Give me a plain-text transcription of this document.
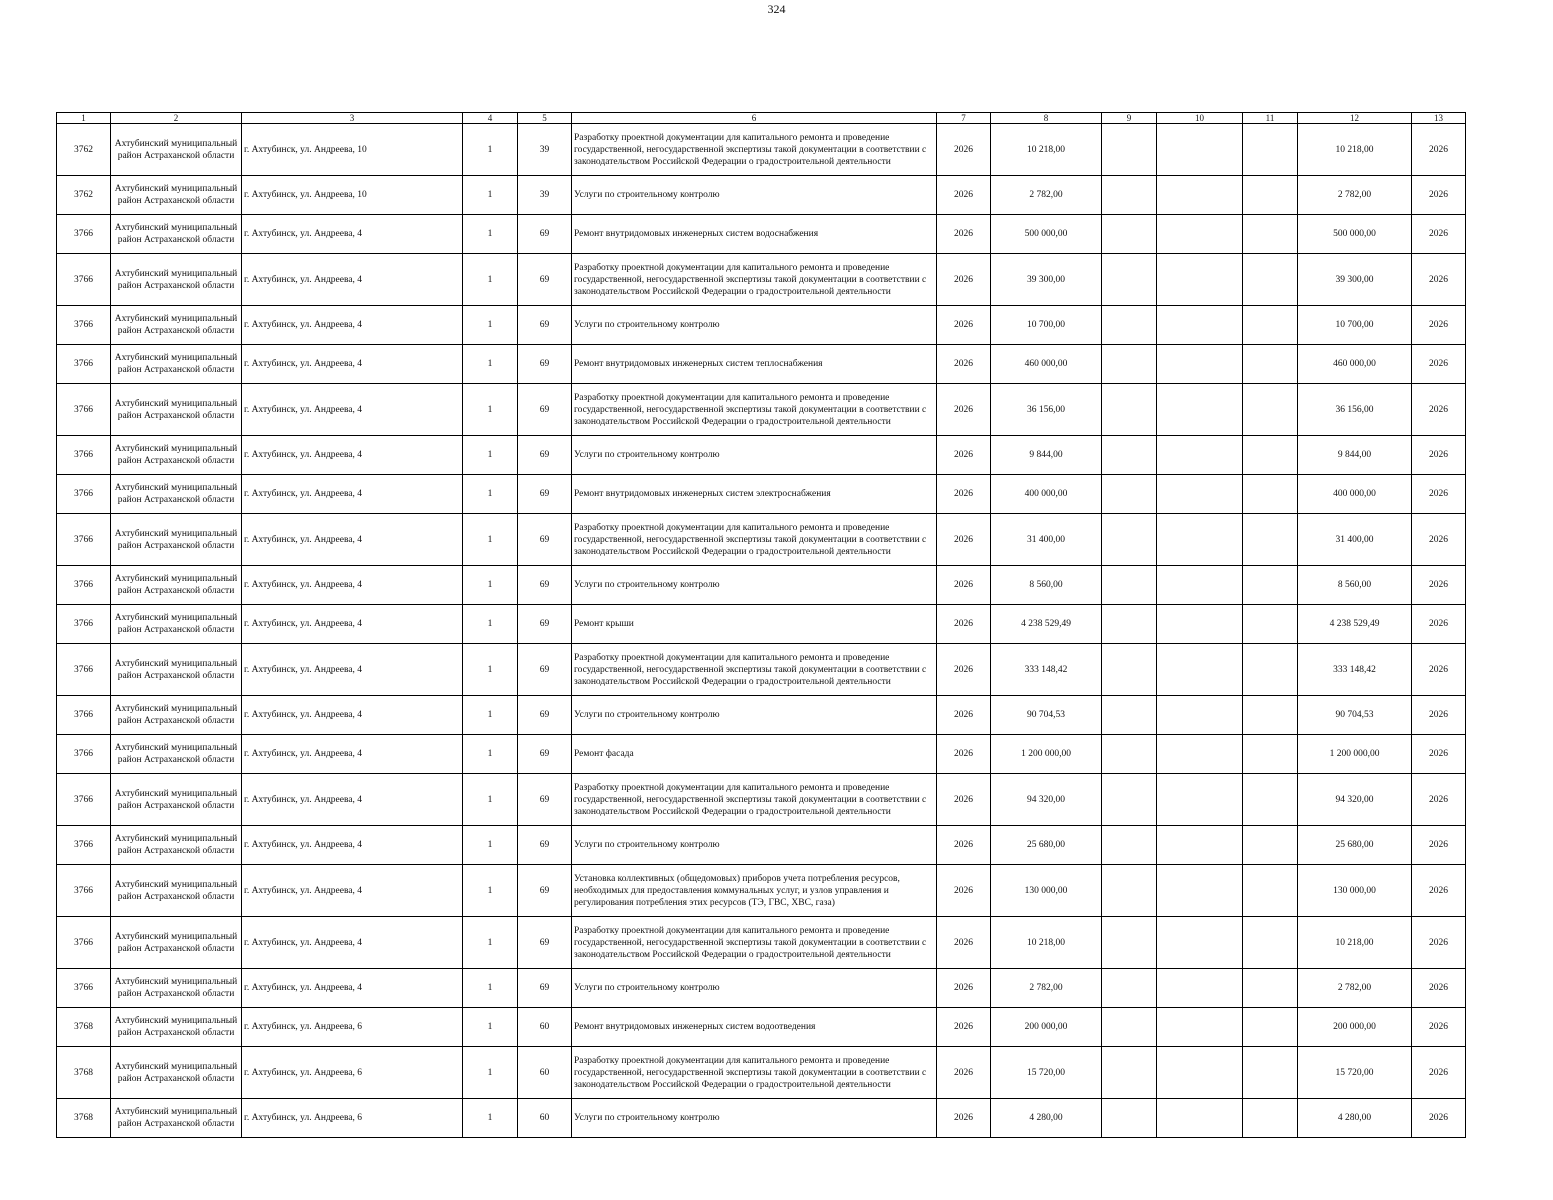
324
1	2	3	4	5	6	7	8	9	10	11	12	13
3762	Ахтубинский муниципальный район Астраханской области	г. Ахтубинск, ул. Андреева, 10	1	39	Разработку проектной документации для капитального ремонта и проведение государственной, негосударственной экспертизы такой документации в соответствии с законодательством Российской Федерации о градостроительной деятельности	2026	10 218,00				10 218,00	2026
3762	Ахтубинский муниципальный район Астраханской области	г. Ахтубинск, ул. Андреева, 10	1	39	Услуги по строительному контролю	2026	2 782,00				2 782,00	2026
3766	Ахтубинский муниципальный район Астраханской области	г. Ахтубинск, ул. Андреева, 4	1	69	Ремонт внутридомовых инженерных систем водоснабжения	2026	500 000,00				500 000,00	2026
3766	Ахтубинский муниципальный район Астраханской области	г. Ахтубинск, ул. Андреева, 4	1	69	Разработку проектной документации для капитального ремонта и проведение государственной, негосударственной экспертизы такой документации в соответствии с законодательством Российской Федерации о градостроительной деятельности	2026	39 300,00				39 300,00	2026
3766	Ахтубинский муниципальный район Астраханской области	г. Ахтубинск, ул. Андреева, 4	1	69	Услуги по строительному контролю	2026	10 700,00				10 700,00	2026
3766	Ахтубинский муниципальный район Астраханской области	г. Ахтубинск, ул. Андреева, 4	1	69	Ремонт внутридомовых инженерных систем теплоснабжения	2026	460 000,00				460 000,00	2026
3766	Ахтубинский муниципальный район Астраханской области	г. Ахтубинск, ул. Андреева, 4	1	69	Разработку проектной документации для капитального ремонта и проведение государственной, негосударственной экспертизы такой документации в соответствии с законодательством Российской Федерации о градостроительной деятельности	2026	36 156,00				36 156,00	2026
3766	Ахтубинский муниципальный район Астраханской области	г. Ахтубинск, ул. Андреева, 4	1	69	Услуги по строительному контролю	2026	9 844,00				9 844,00	2026
3766	Ахтубинский муниципальный район Астраханской области	г. Ахтубинск, ул. Андреева, 4	1	69	Ремонт внутридомовых инженерных систем электроснабжения	2026	400 000,00				400 000,00	2026
3766	Ахтубинский муниципальный район Астраханской области	г. Ахтубинск, ул. Андреева, 4	1	69	Разработку проектной документации для капитального ремонта и проведение государственной, негосударственной экспертизы такой документации в соответствии с законодательством Российской Федерации о градостроительной деятельности	2026	31 400,00				31 400,00	2026
3766	Ахтубинский муниципальный район Астраханской области	г. Ахтубинск, ул. Андреева, 4	1	69	Услуги по строительному контролю	2026	8 560,00				8 560,00	2026
3766	Ахтубинский муниципальный район Астраханской области	г. Ахтубинск, ул. Андреева, 4	1	69	Ремонт крыши	2026	4 238 529,49				4 238 529,49	2026
3766	Ахтубинский муниципальный район Астраханской области	г. Ахтубинск, ул. Андреева, 4	1	69	Разработку проектной документации для капитального ремонта и проведение государственной, негосударственной экспертизы такой документации в соответствии с законодательством Российской Федерации о градостроительной деятельности	2026	333 148,42				333 148,42	2026
3766	Ахтубинский муниципальный район Астраханской области	г. Ахтубинск, ул. Андреева, 4	1	69	Услуги по строительному контролю	2026	90 704,53				90 704,53	2026
3766	Ахтубинский муниципальный район Астраханской области	г. Ахтубинск, ул. Андреева, 4	1	69	Ремонт фасада	2026	1 200 000,00				1 200 000,00	2026
3766	Ахтубинский муниципальный район Астраханской области	г. Ахтубинск, ул. Андреева, 4	1	69	Разработку проектной документации для капитального ремонта и проведение государственной, негосударственной экспертизы такой документации в соответствии с законодательством Российской Федерации о градостроительной деятельности	2026	94 320,00				94 320,00	2026
3766	Ахтубинский муниципальный район Астраханской области	г. Ахтубинск, ул. Андреева, 4	1	69	Услуги по строительному контролю	2026	25 680,00				25 680,00	2026
3766	Ахтубинский муниципальный район Астраханской области	г. Ахтубинск, ул. Андреева, 4	1	69	Установка коллективных (общедомовых) приборов учета потребления ресурсов, необходимых для предоставления коммунальных услуг, и узлов управления и регулирования потребления этих ресурсов (ТЭ, ГВС, ХВС, газа)	2026	130 000,00				130 000,00	2026
3766	Ахтубинский муниципальный район Астраханской области	г. Ахтубинск, ул. Андреева, 4	1	69	Разработку проектной документации для капитального ремонта и проведение государственной, негосударственной экспертизы такой документации в соответствии с законодательством Российской Федерации о градостроительной деятельности	2026	10 218,00				10 218,00	2026
3766	Ахтубинский муниципальный район Астраханской области	г. Ахтубинск, ул. Андреева, 4	1	69	Услуги по строительному контролю	2026	2 782,00				2 782,00	2026
3768	Ахтубинский муниципальный район Астраханской области	г. Ахтубинск, ул. Андреева, 6	1	60	Ремонт внутридомовых инженерных систем водоотведения	2026	200 000,00				200 000,00	2026
3768	Ахтубинский муниципальный район Астраханской области	г. Ахтубинск, ул. Андреева, 6	1	60	Разработку проектной документации для капитального ремонта и проведение государственной, негосударственной экспертизы такой документации в соответствии с законодательством Российской Федерации о градостроительной деятельности	2026	15 720,00				15 720,00	2026
3768	Ахтубинский муниципальный район Астраханской области	г. Ахтубинск, ул. Андреева, 6	1	60	Услуги по строительному контролю	2026	4 280,00				4 280,00	2026
